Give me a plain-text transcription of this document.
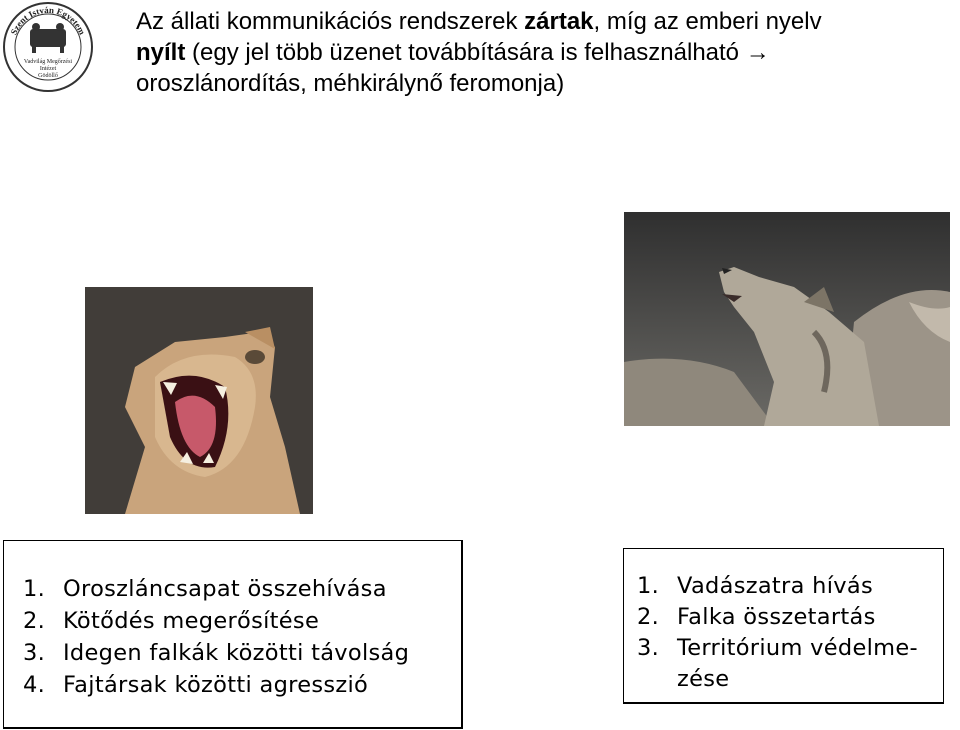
Szent István Egyetem
Vadvilág Megőrzési
Intézet
Gödöllő
Az állati kommunikációs rendszerek zártak, míg az emberi nyelv
nyílt (egy jel több üzenet továbbítására is felhasználható →
oroszlánordítás, méhkirálynő feromonja)
1. Oroszláncsapat összehívása
2. Kötődés megerősítése
3. Idegen falkák közötti távolság
4. Fajtársak közötti agresszió
1. Vadászatra hívás
2. Falka összetartás
3. Territórium védelme-
zése
